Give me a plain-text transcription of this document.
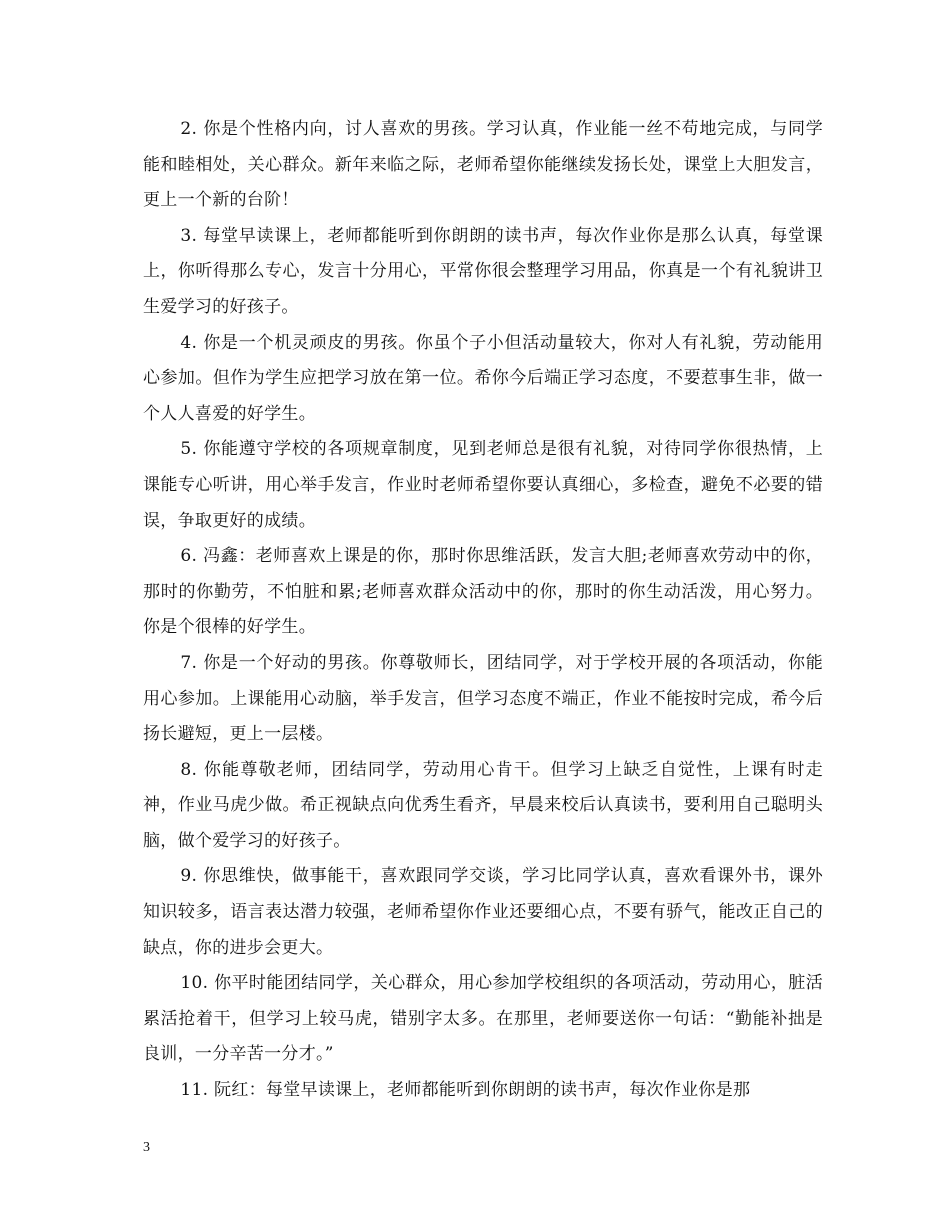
2. 你是个性格内向，讨人喜欢的男孩。学习认真，作业能一丝不苟地完成，与同学能和睦相处，关心群众。新年来临之际，老师希望你能继续发扬长处，课堂上大胆发言，更上一个新的台阶！

3. 每堂早读课上，老师都能听到你朗朗的读书声，每次作业你是那么认真，每堂课上，你听得那么专心，发言十分用心，平常你很会整理学习用品，你真是一个有礼貌讲卫生爱学习的好孩子。

4. 你是一个机灵顽皮的男孩。你虽个子小但活动量较大，你对人有礼貌，劳动能用心参加。但作为学生应把学习放在第一位。希你今后端正学习态度，不要惹事生非，做一个人人喜爱的好学生。

5. 你能遵守学校的各项规章制度，见到老师总是很有礼貌，对待同学你很热情，上课能专心听讲，用心举手发言，作业时老师希望你要认真细心，多检查，避免不必要的错误，争取更好的成绩。

6. 冯鑫：老师喜欢上课是的你，那时你思维活跃，发言大胆;老师喜欢劳动中的你，那时的你勤劳，不怕脏和累;老师喜欢群众活动中的你，那时的你生动活泼，用心努力。你是个很棒的好学生。

7. 你是一个好动的男孩。你尊敬师长，团结同学，对于学校开展的各项活动，你能用心参加。上课能用心动脑，举手发言，但学习态度不端正，作业不能按时完成，希今后扬长避短，更上一层楼。

8. 你能尊敬老师，团结同学，劳动用心肯干。但学习上缺乏自觉性，上课有时走神，作业马虎少做。希正视缺点向优秀生看齐，早晨来校后认真读书，要利用自己聪明头脑，做个爱学习的好孩子。

9. 你思维快，做事能干，喜欢跟同学交谈，学习比同学认真，喜欢看课外书，课外知识较多，语言表达潜力较强，老师希望你作业还要细心点，不要有骄气，能改正自己的缺点，你的进步会更大。

10. 你平时能团结同学，关心群众，用心参加学校组织的各项活动，劳动用心，脏活累活抢着干，但学习上较马虎，错别字太多。在那里，老师要送你一句话：“勤能补拙是良训，一分辛苦一分才。”

11. 阮红：每堂早读课上，老师都能听到你朗朗的读书声，每次作业你是那

3
